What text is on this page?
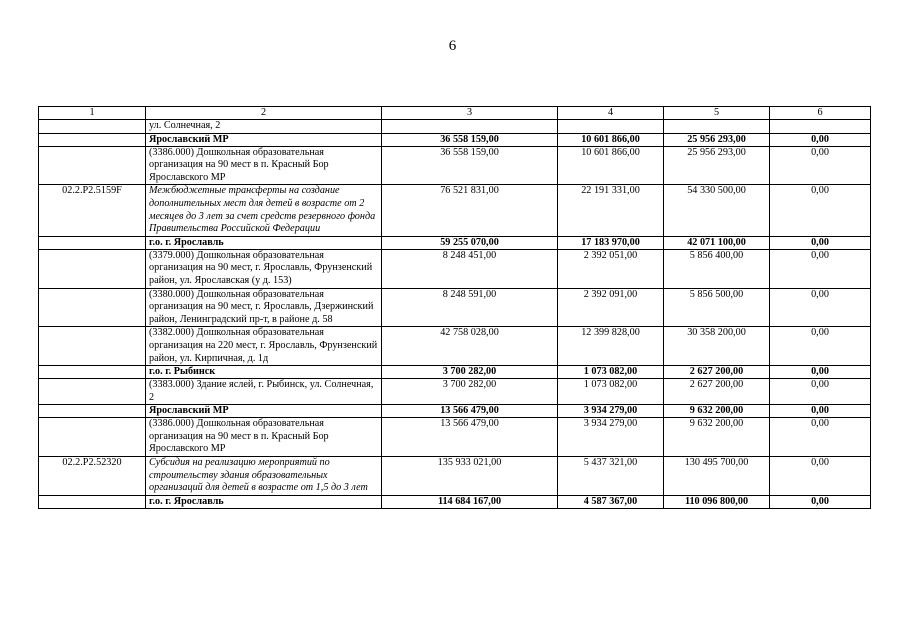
6
1	2	3	4	5	6
	ул. Солнечная, 2				
	Ярославский МР	36 558 159,00	10 601 866,00	25 956 293,00	0,00
	(3386.000) Дошкольная образовательная организация на 90 мест в п. Красный Бор Ярославского МР	36 558 159,00	10 601 866,00	25 956 293,00	0,00
02.2.Р2.5159F	Межбюджетные трансферты на создание дополнительных мест для детей в возрасте от 2 месяцев до 3 лет за счет средств резервного фонда Правительства Российской Федерации	76 521 831,00	22 191 331,00	54 330 500,00	0,00
	г.о. г. Ярославль	59 255 070,00	17 183 970,00	42 071 100,00	0,00
	(3379.000) Дошкольная образовательная организация на 90 мест, г. Ярославль, Фрунзенский район, ул. Ярославская (у д. 153)	8 248 451,00	2 392 051,00	5 856 400,00	0,00
	(3380.000) Дошкольная образовательная организация на 90 мест, г. Ярославль, Дзержинский район, Ленинградский пр-т, в районе д. 58	8 248 591,00	2 392 091,00	5 856 500,00	0,00
	(3382.000) Дошкольная образовательная организация на 220 мест, г. Ярославль, Фрунзенский район, ул. Кирпичная, д. 1д	42 758 028,00	12 399 828,00	30 358 200,00	0,00
	г.о. г. Рыбинск	3 700 282,00	1 073 082,00	2 627 200,00	0,00
	(3383.000) Здание яслей, г. Рыбинск, ул. Солнечная, 2	3 700 282,00	1 073 082,00	2 627 200,00	0,00
	Ярославский МР	13 566 479,00	3 934 279,00	9 632 200,00	0,00
	(3386.000) Дошкольная образовательная организация на 90 мест в п. Красный Бор Ярославского МР	13 566 479,00	3 934 279,00	9 632 200,00	0,00
02.2.Р2.52320	Субсидия на реализацию мероприятий по строительству здания образовательных организаций для детей в возрасте от 1,5 до 3 лет	135 933 021,00	5 437 321,00	130 495 700,00	0,00
	г.о. г. Ярославль	114 684 167,00	4 587 367,00	110 096 800,00	0,00
